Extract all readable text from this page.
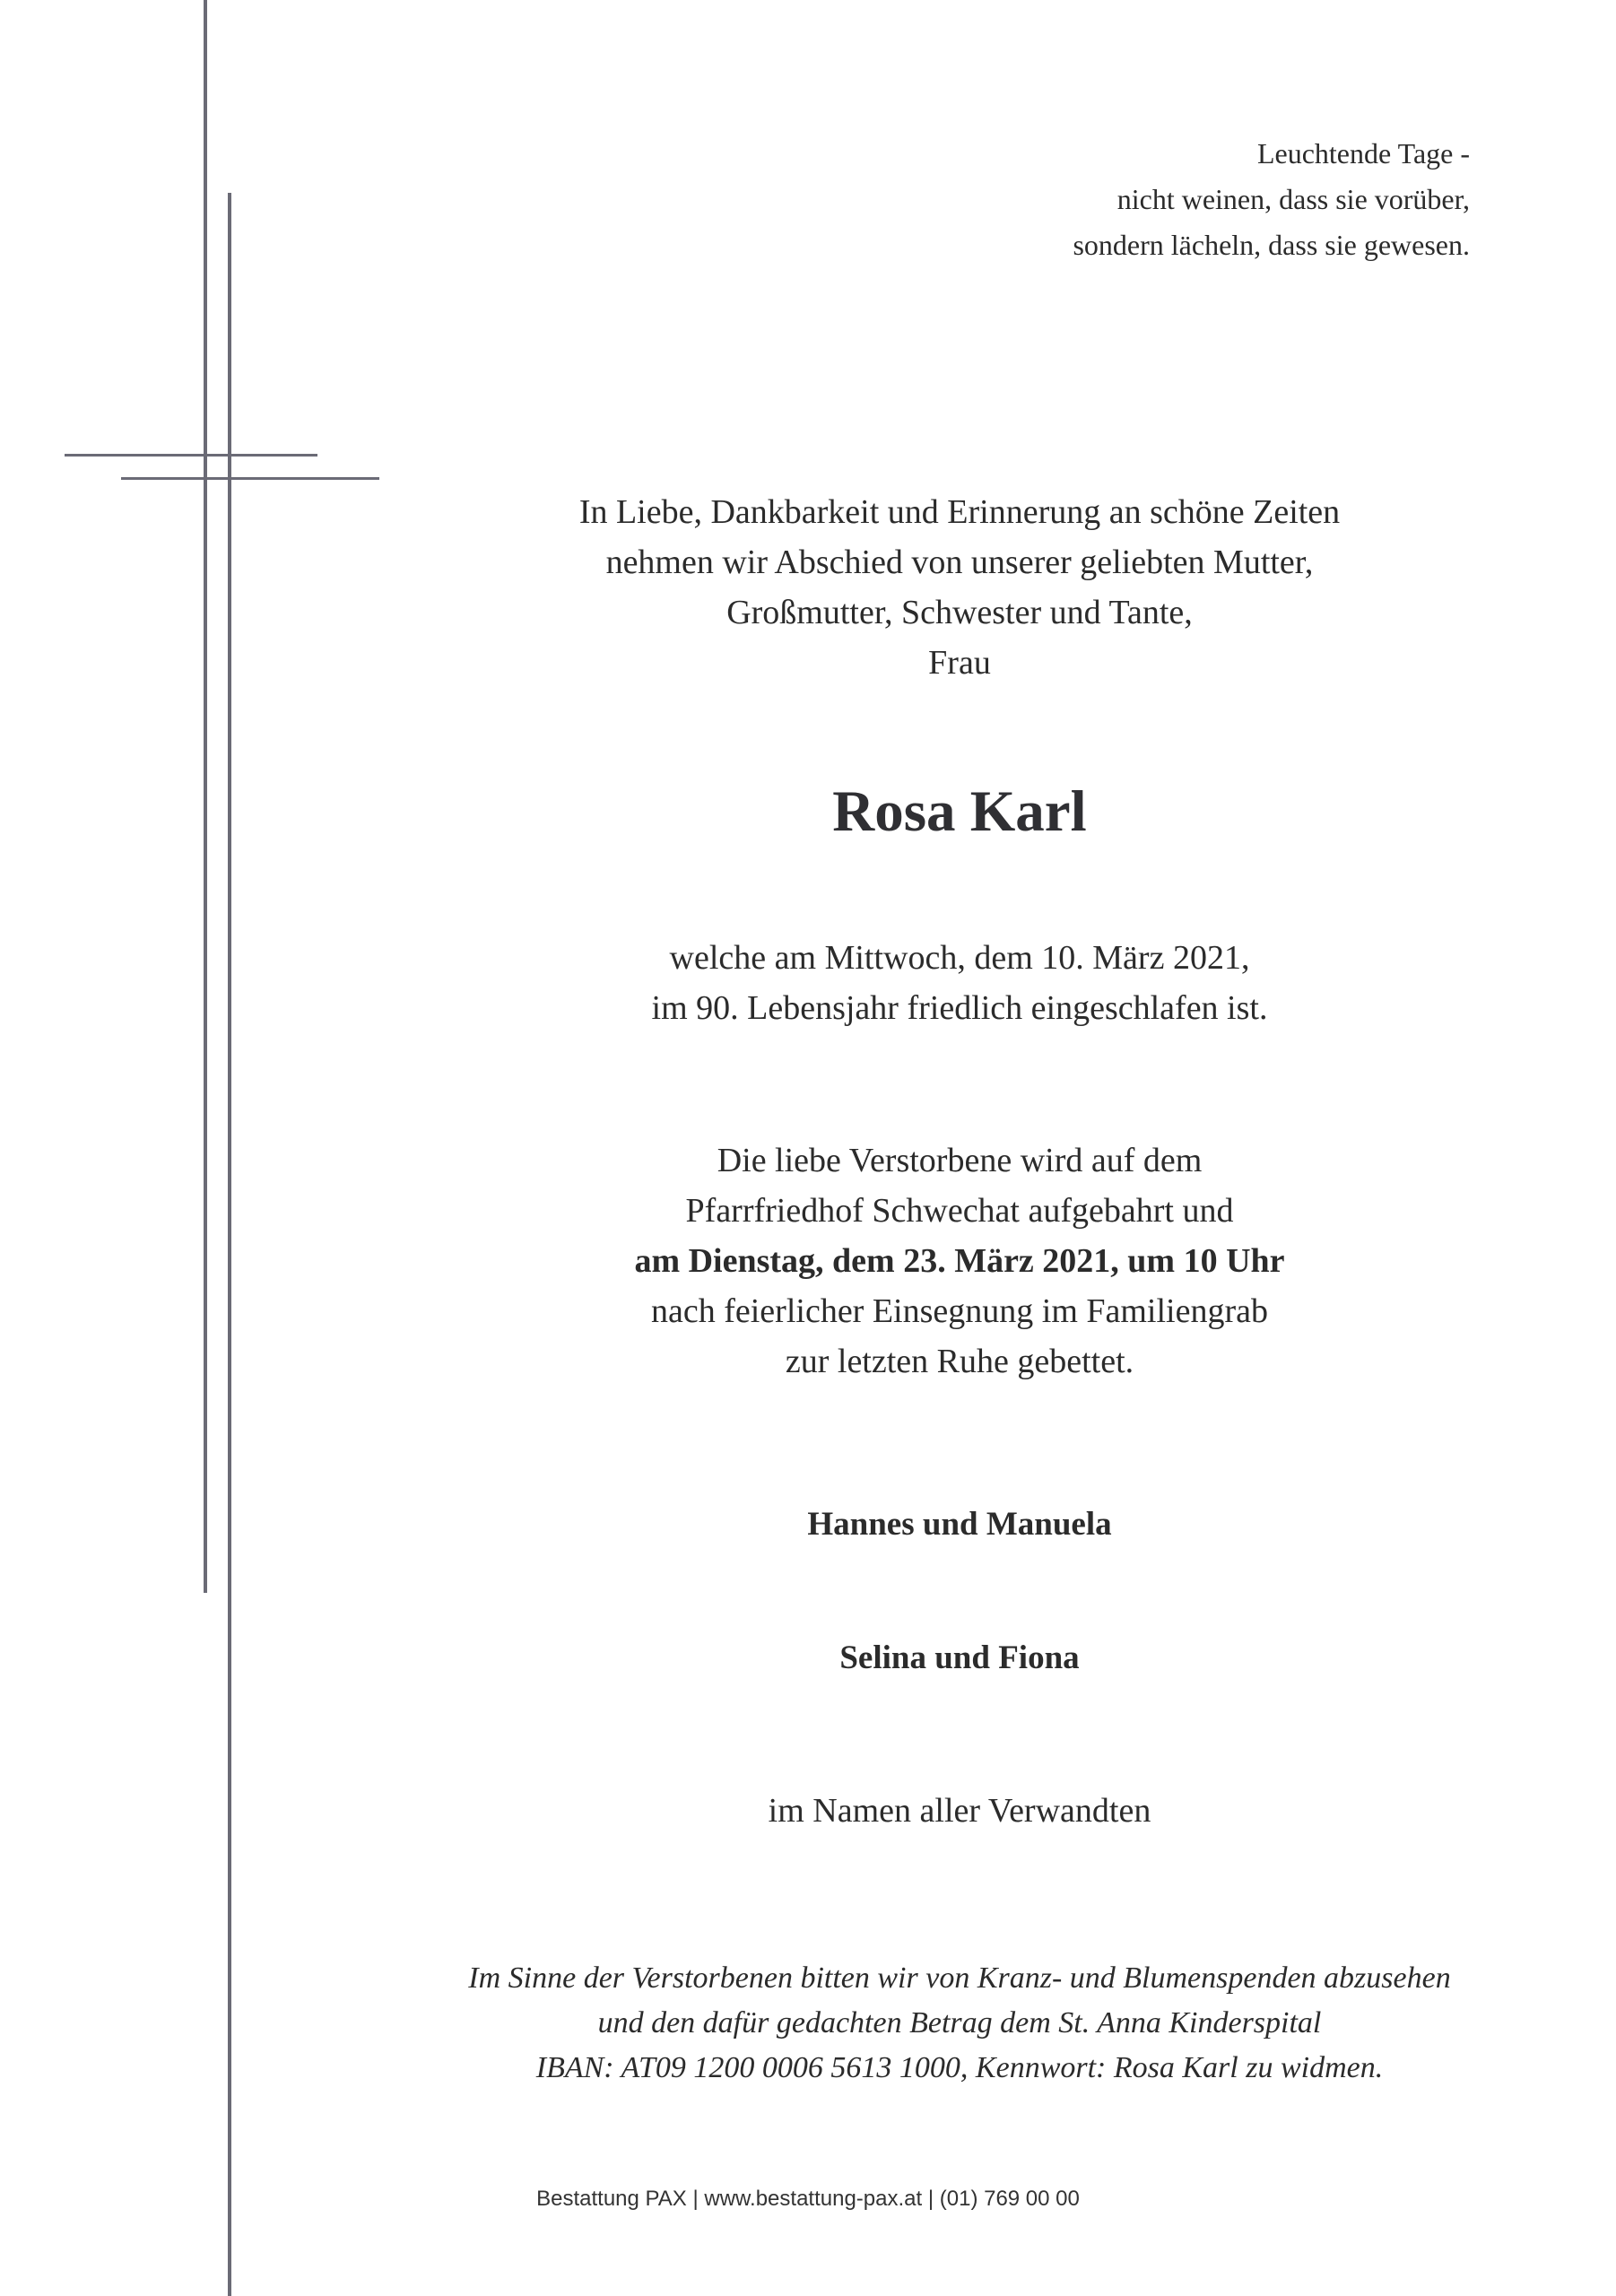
Leuchtende Tage -
nicht weinen, dass sie vorüber,
sondern lächeln, dass sie gewesen.
In Liebe, Dankbarkeit und Erinnerung an schöne Zeiten
nehmen wir Abschied von unserer geliebten Mutter,
Großmutter, Schwester und Tante,
Frau
Rosa Karl
welche am Mittwoch, dem 10. März 2021,
im 90. Lebensjahr friedlich eingeschlafen ist.
Die liebe Verstorbene wird auf dem
Pfarrfriedhof Schwechat aufgebahrt und
am Dienstag, dem 23. März 2021, um 10 Uhr
nach feierlicher Einsegnung im Familiengrab
zur letzten Ruhe gebettet.
Hannes und Manuela
Selina und Fiona
im Namen aller Verwandten
Im Sinne der Verstorbenen bitten wir von Kranz- und Blumenspenden abzusehen
und den dafür gedachten Betrag dem St. Anna Kinderspital
IBAN: AT09 1200 0006 5613 1000, Kennwort: Rosa Karl zu widmen.
Bestattung PAX | www.bestattung-pax.at | (01) 769 00 00
